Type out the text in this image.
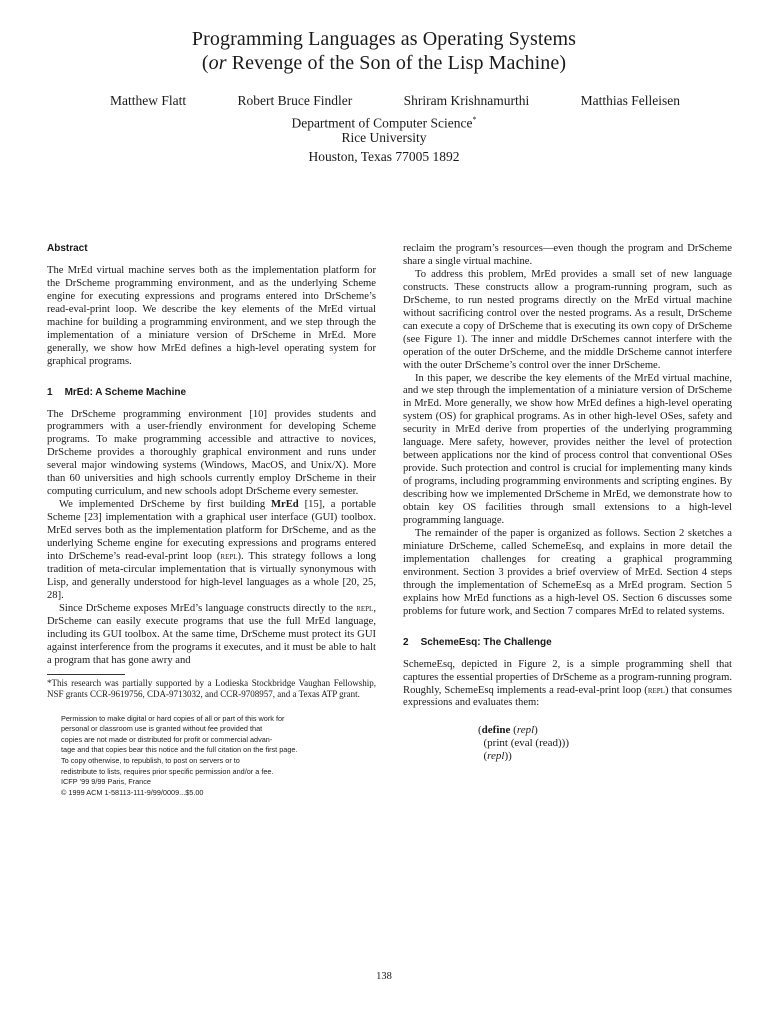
Programming Languages as Operating Systems
(or Revenge of the Son of the Lisp Machine)
Matthew Flatt	Robert Bruce Findler	Shriram Krishnamurthi	Matthias Felleisen
Department of Computer Science*
Rice University
Houston, Texas 77005 1892
Abstract

The MrEd virtual machine serves both as the implementation platform for the DrScheme programming environment, and as the underlying Scheme engine for executing expressions and programs entered into DrScheme’s read-eval-print loop. We describe the key elements of the MrEd virtual machine for building a programming environment, and we step through the implementation of a miniature version of DrScheme in MrEd. More generally, we show how MrEd defines a high-level operating system for graphical programs.

1 MrEd: A Scheme Machine

The DrScheme programming environment [10] provides students and programmers with a user-friendly environment for developing Scheme programs. To make programming accessible and attractive to novices, DrScheme provides a thoroughly graphical environment and runs under several major windowing systems (Windows, MacOS, and Unix/X). More than 60 universities and high schools currently employ DrScheme in their computing curriculum, and new schools adopt DrScheme every semester.

We implemented DrScheme by first building MrEd [15], a portable Scheme [23] implementation with a graphical user interface (GUI) toolbox. MrEd serves both as the implementation platform for DrScheme, and as the underlying Scheme engine for executing expressions and programs entered into DrScheme’s read-eval-print loop (repl). This strategy follows a long tradition of meta-circular implementation that is virtually synonymous with Lisp, and generally understood for high-level languages as a whole [20, 25, 28].

Since DrScheme exposes MrEd’s language constructs directly to the repl, DrScheme can easily execute programs that use the full MrEd language, including its GUI toolbox. At the same time, DrScheme must protect its GUI against interference from the programs it executes, and it must be able to halt a program that has gone awry and

*This research was partially supported by a Lodieska Stockbridge Vaughan Fellowship, NSF grants CCR-9619756, CDA-9713032, and CCR-9708957, and a Texas ATP grant.

Permission to make digital or hard copies of all or part of this work for
personal or classroom use is granted without fee provided that
copies are not made or distributed for profit or commercial advan-
tage and that copies bear this notice and the full citation on the first page.
To copy otherwise, to republish, to post on servers or to
redistribute to lists, requires prior specific permission and/or a fee.
ICFP ’99 9/99 Paris, France
© 1999 ACM 1-58113-111-9/99/0009...$5.00

reclaim the program’s resources—even though the program and DrScheme share a single virtual machine.

To address this problem, MrEd provides a small set of new language constructs. These constructs allow a program-running program, such as DrScheme, to run nested programs directly on the MrEd virtual machine without sacrificing control over the nested programs. As a result, DrScheme can execute a copy of DrScheme that is executing its own copy of DrScheme (see Figure 1). The inner and middle DrSchemes cannot interfere with the operation of the outer DrScheme, and the middle DrScheme cannot interfere with the outer DrScheme’s control over the inner DrScheme.

In this paper, we describe the key elements of the MrEd virtual machine, and we step through the implementation of a miniature version of DrScheme in MrEd. More generally, we show how MrEd defines a high-level operating system (OS) for graphical programs. As in other high-level OSes, safety and security in MrEd derive from properties of the underlying programming language. Mere safety, however, provides neither the level of protection between applications nor the kind of process control that conventional OSes provide. Such protection and control is crucial for implementing many kinds of programs, including programming environments and scripting engines. By describing how we implemented DrScheme in MrEd, we demonstrate how to obtain key OS facilities through small extensions to a high-level programming language.

The remainder of the paper is organized as follows. Section 2 sketches a miniature DrScheme, called SchemeEsq, and explains in more detail the implementation challenges for creating a graphical programming environment. Section 3 provides a brief overview of MrEd. Section 4 steps through the implementation of SchemeEsq as a MrEd program. Section 5 explains how MrEd functions as a high-level OS. Section 6 discusses some problems for future work, and Section 7 compares MrEd to related systems.

2 SchemeEsq: The Challenge

SchemeEsq, depicted in Figure 2, is a simple programming shell that captures the essential properties of DrScheme as a program-running program. Roughly, SchemeEsq implements a read-eval-print loop (repl) that consumes expressions and evaluates them:

(define (repl)
(print (eval (read)))
(repl))
138
